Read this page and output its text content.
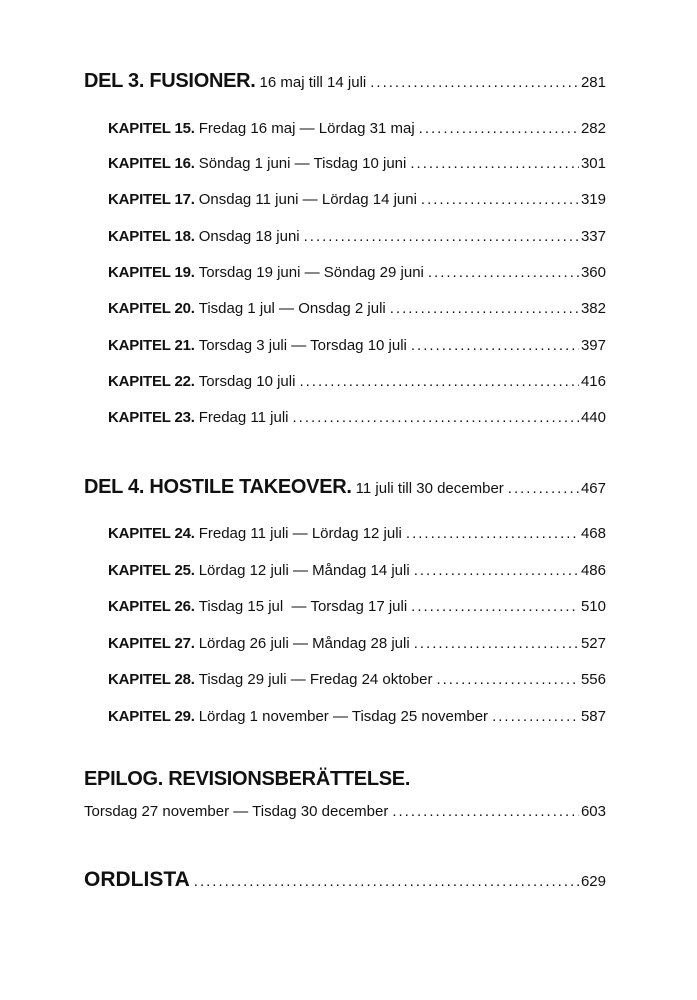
DEL 3. FUSIONER. 16 maj till 14 juli .....	281
KAPITEL 15. Fredag 16 maj — Lördag 31 maj .....	282
KAPITEL 16. Söndag 1 juni — Tisdag 10 juni .....	301
KAPITEL 17. Onsdag 11 juni — Lördag 14 juni .....	319
KAPITEL 18. Onsdag 18 juni .....	337
KAPITEL 19. Torsdag 19 juni — Söndag 29 juni .....	360
KAPITEL 20. Tisdag 1 jul — Onsdag 2 juli .....	382
KAPITEL 21. Torsdag 3 juli — Torsdag 10 juli .....	397
KAPITEL 22. Torsdag 10 juli .....	416
KAPITEL 23. Fredag 11 juli .....	440
DEL 4. HOSTILE TAKEOVER. 11 juli till 30 december .....	467
KAPITEL 24. Fredag 11 juli — Lördag 12 juli .....	468
KAPITEL 25. Lördag 12 juli — Måndag 14 juli .....	486
KAPITEL 26. Tisdag 15 jul  — Torsdag 17 juli .....	510
KAPITEL 27. Lördag 26 juli — Måndag 28 juli .....	527
KAPITEL 28. Tisdag 29 juli — Fredag 24 oktober .....	556
KAPITEL 29. Lördag 1 november — Tisdag 25 november .....	587
EPILOG. REVISIONSBERÄTTELSE.
Torsdag 27 november — Tisdag 30 december .....	603
ORDLISTA .....	629
